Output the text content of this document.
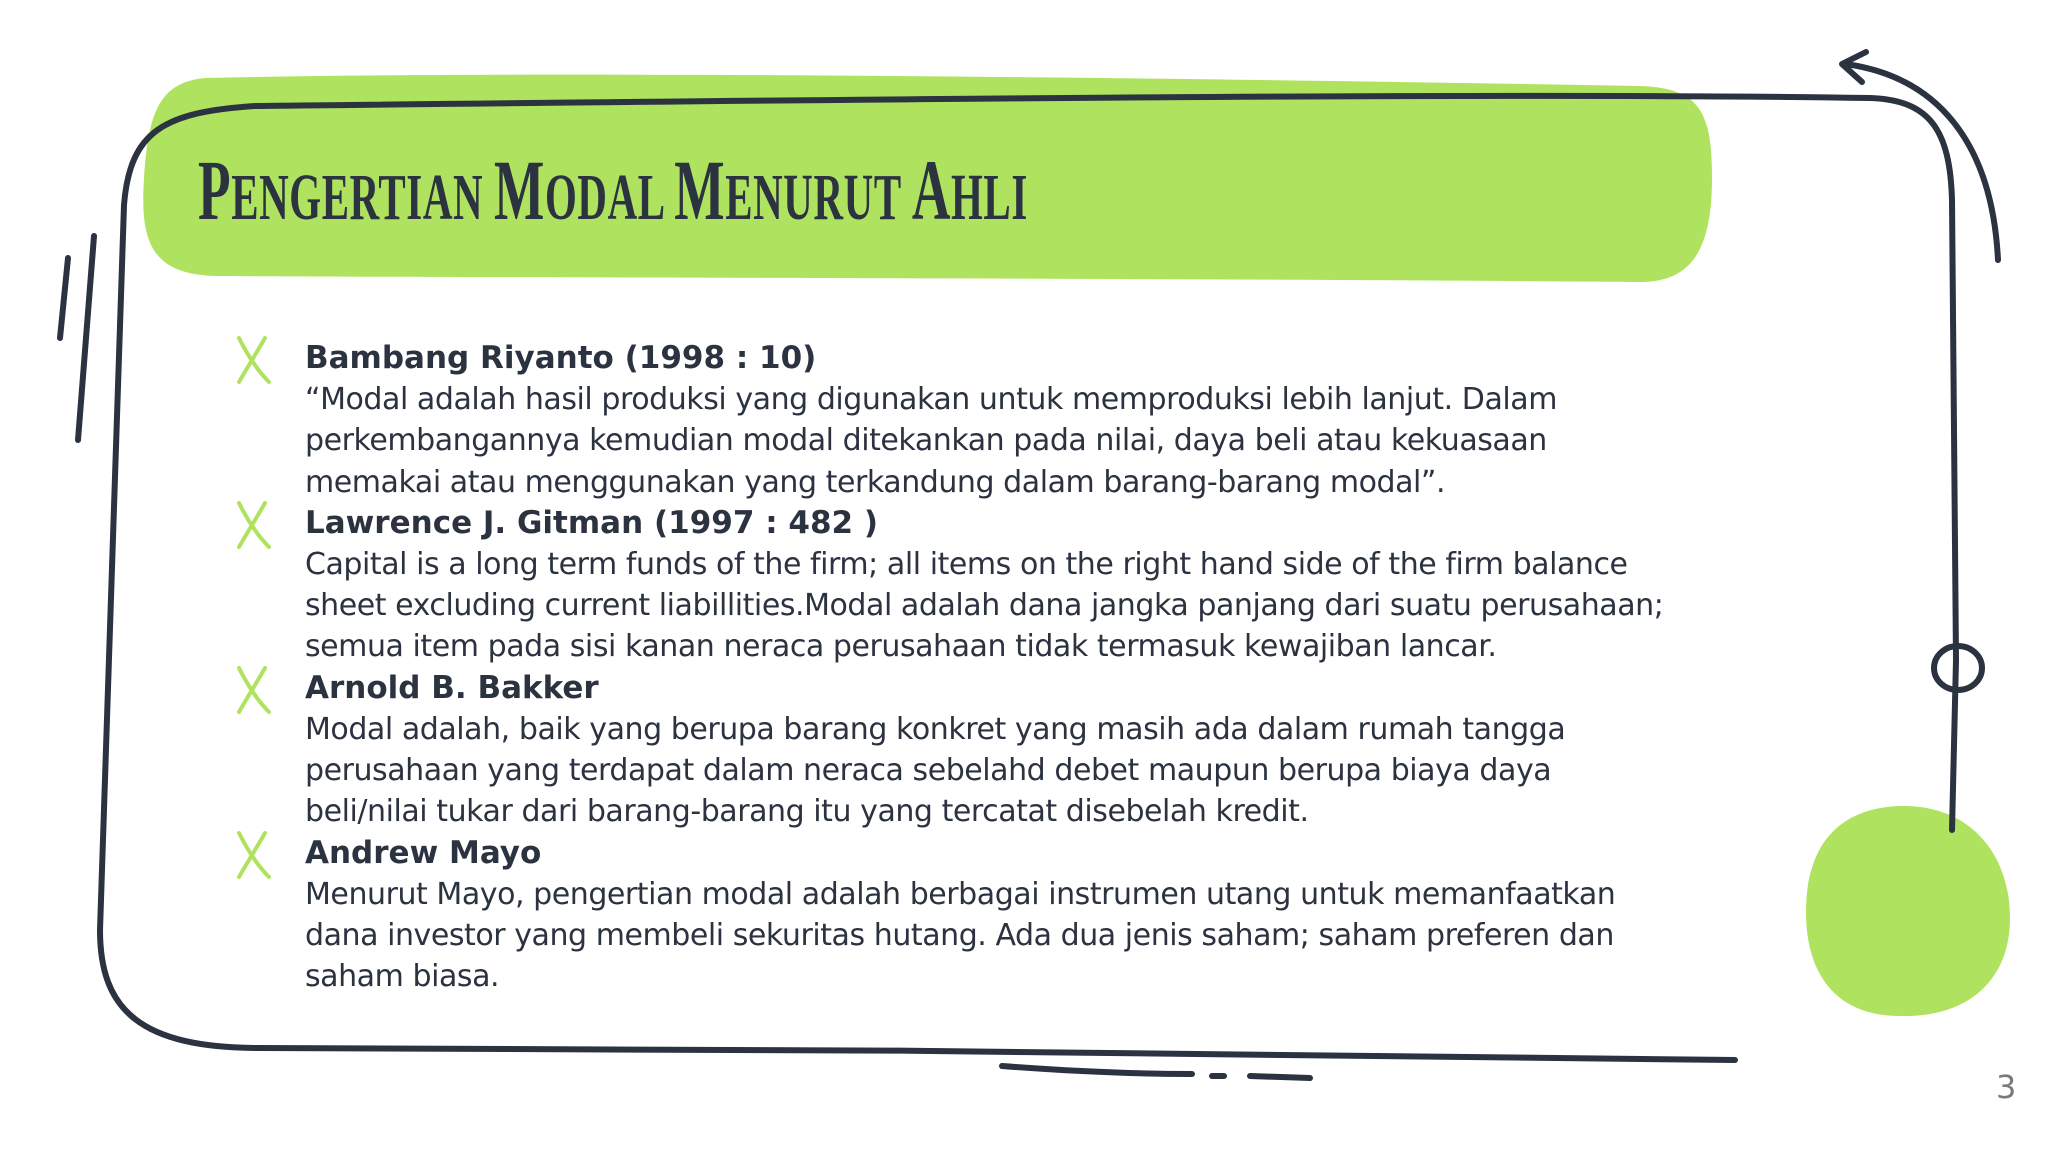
PENGERTIAN MODAL MENURUT AHLI
Bambang Riyanto (1998 : 10)
“Modal adalah hasil produksi yang digunakan untuk memproduksi lebih lanjut. Dalam
perkembangannya kemudian modal ditekankan pada nilai, daya beli atau kekuasaan
memakai atau menggunakan yang terkandung dalam barang-barang modal”.
Lawrence J. Gitman (1997 : 482 )
Capital is a long term funds of the firm; all items on the right hand side of the firm balance
sheet excluding current liabillities.Modal adalah dana jangka panjang dari suatu perusahaan;
semua item pada sisi kanan neraca perusahaan tidak termasuk kewajiban lancar.
Arnold B. Bakker
Modal adalah, baik yang berupa barang konkret yang masih ada dalam rumah tangga
perusahaan yang terdapat dalam neraca sebelahd debet maupun berupa biaya daya
beli/nilai tukar dari barang-barang itu yang tercatat disebelah kredit.
Andrew Mayo
Menurut Mayo, pengertian modal adalah berbagai instrumen utang untuk memanfaatkan
dana investor yang membeli sekuritas hutang. Ada dua jenis saham; saham preferen dan
saham biasa.
3
